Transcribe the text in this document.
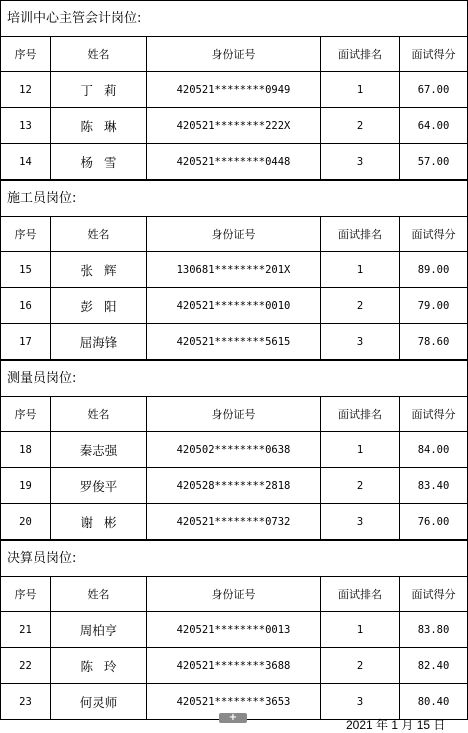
培训中心主管会计岗位:
序号	姓名	身份证号	面试排名	面试得分
12	丁莉	420521********0949	1	67.00
13	陈琳	420521********222X	2	64.00
14	杨雪	420521********0448	3	57.00
施工员岗位:
序号	姓名	身份证号	面试排名	面试得分
15	张辉	130681********201X	1	89.00
16	彭阳	420521********0010	2	79.00
17	屈海锋	420521********5615	3	78.60
测量员岗位:
序号	姓名	身份证号	面试排名	面试得分
18	秦志强	420502********0638	1	84.00
19	罗俊平	420528********2818	2	83.40
20	谢彬	420521********0732	3	76.00
决算员岗位:
序号	姓名	身份证号	面试排名	面试得分
21	周柏亨	420521********0013	1	83.80
22	陈玲	420521********3688	2	82.40
23	何灵师	420521********3653	3	80.40
+
2021 年 1 月 15 日
